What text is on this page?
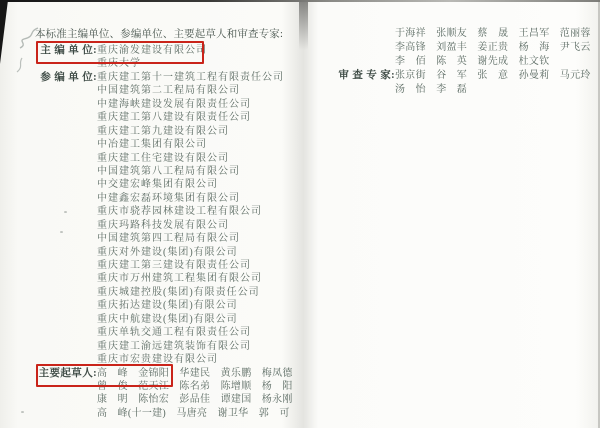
本标准主编单位、参编单位、主要起草人和审查专家:
主 编 单 位: 重庆渝发建设有限公司
重庆大学
参 编 单 位: 重庆建工第十一建筑工程有限责任公司
中国建筑第二工程局有限公司
中建海峡建设发展有限责任公司
重庆建工第八建设有限责任公司
重庆建工第九建设有限公司
中冶建工集团有限公司
重庆建工住宅建设有限公司
中国建筑第八工程局有限公司
中交建宏峰集团有限公司
中建鑫宏磊环境集团有限公司
重庆市骁荐园林建设工程有限公司
重庆玛路科技发展有限公司
中国建筑第四工程局有限公司
重庆对外建设(集团)有限公司
重庆建工第三建设有限责任公司
重庆市万州建筑工程集团有限公司
重庆城建控股(集团)有限责任公司
重庆拓达建设(集团)有限公司
重庆中航建设(集团)有限公司
重庆单轨交通工程有限责任公司
重庆建工渝远建筑装饰有限公司
重庆市宏贵建设有限公司
主要起草人: 高　峰　金锦阳　华建民　黄乐鹏　梅凤德
曾　俊　范天江　陈名弟　陈增顺　杨　阳
康　明　陈怡宏　彭品佳　谭建国　杨永刚
高　峰(十一建)　马唐亮　谢卫华　郭　可
于海祥　张顺友　蔡　晟　王昌军　范丽蓉
李高锋　刘盈丰　姜正贵　杨　海　尹飞云
李　佰　陈　英　谢先成　杜文钦
审 查 专 家: 张京街　谷　军　张　意　孙曼莉　马元玲
汤　怡　李　磊
